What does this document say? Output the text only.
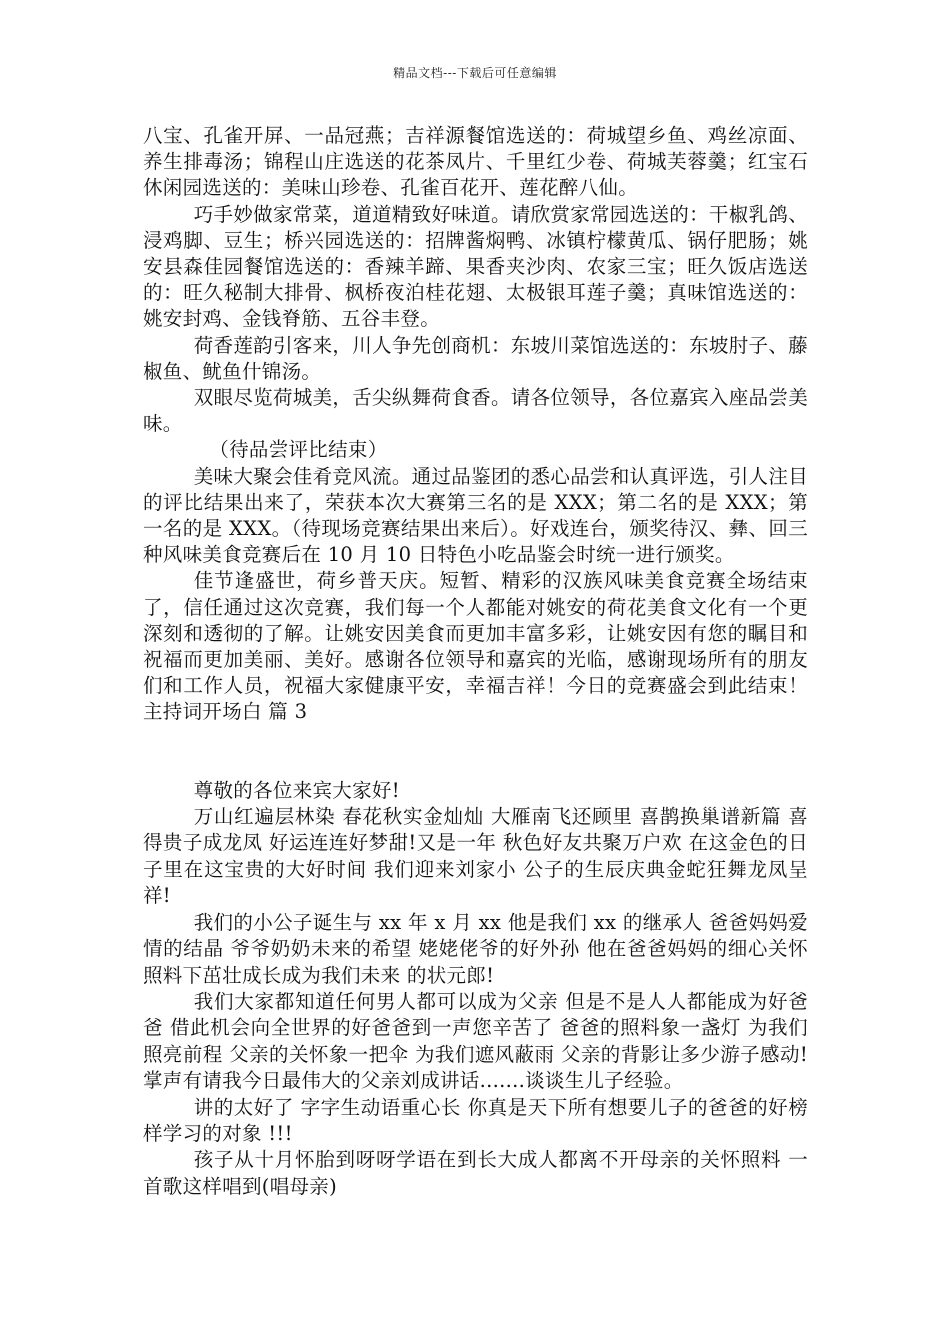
精品文档---下载后可任意编辑

八宝、孔雀开屏、一品冠燕；吉祥源餐馆选送的：荷城望乡鱼、鸡丝凉面、养生排毒汤；锦程山庄选送的花茶凤片、千里红少卷、荷城芙蓉羹；红宝石休闲园选送的：美味山珍卷、孔雀百花开、莲花醉八仙。

巧手妙做家常菜，道道精致好味道。请欣赏家常园选送的：干椒乳鸽、浸鸡脚、豆生；桥兴园选送的：招牌酱焖鸭、冰镇柠檬黄瓜、锅仔肥肠；姚安县森佳园餐馆选送的：香辣羊蹄、果香夹沙肉、农家三宝；旺久饭店选送的：旺久秘制大排骨、枫桥夜泊桂花翅、太极银耳莲子羹；真味馆选送的：姚安封鸡、金钱脊筋、五谷丰登。

荷香莲韵引客来，川人争先创商机：东坡川菜馆选送的：东坡肘子、藤椒鱼、鱿鱼什锦汤。

双眼尽览荷城美，舌尖纵舞荷食香。请各位领导，各位嘉宾入座品尝美味。

（待品尝评比结束）

美味大聚会佳肴竞风流。通过品鉴团的悉心品尝和认真评选，引人注目的评比结果出来了，荣获本次大赛第三名的是 XXX；第二名的是 XXX；第一名的是 XXX。（待现场竞赛结果出来后）。好戏连台，颁奖待汉、彝、回三种风味美食竞赛后在 10 月 10 日特色小吃品鉴会时统一进行颁奖。

佳节逢盛世，荷乡普天庆。短暂、精彩的汉族风味美食竞赛全场结束了，信任通过这次竞赛，我们每一个人都能对姚安的荷花美食文化有一个更深刻和透彻的了解。让姚安因美食而更加丰富多彩，让姚安因有您的瞩目和祝福而更加美丽、美好。感谢各位领导和嘉宾的光临，感谢现场所有的朋友们和工作人员，祝福大家健康平安，幸福吉祥！今日的竞赛盛会到此结束！主持词开场白 篇 3

尊敬的各位来宾大家好!

万山红遍层林染 春花秋实金灿灿 大雁南飞还顾里 喜鹊换巢谱新篇 喜得贵子成龙凤 好运连连好梦甜!又是一年 秋色好友共聚万户欢 在这金色的日子里在这宝贵的大好时间 我们迎来刘家小 公子的生辰庆典金蛇狂舞龙凤呈祥!

我们的小公子诞生与 xx 年 x 月 xx 他是我们 xx 的继承人 爸爸妈妈爱情的结晶 爷爷奶奶未来的希望 姥姥佬爷的好外孙 他在爸爸妈妈的细心关怀照料下茁壮成长成为我们未来 的状元郎!

我们大家都知道任何男人都可以成为父亲 但是不是人人都能成为好爸爸 借此机会向全世界的好爸爸到一声您辛苦了 爸爸的照料象一盏灯 为我们照亮前程 父亲的关怀象一把伞 为我们遮风蔽雨 父亲的背影让多少游子感动!掌声有请我今日最伟大的父亲刘成讲话.......谈谈生儿子经验。

讲的太好了 字字生动语重心长 你真是天下所有想要儿子的爸爸的好榜样学习的对象 !!!

孩子从十月怀胎到呀呀学语在到长大成人都离不开母亲的关怀照料 一首歌这样唱到(唱母亲)
